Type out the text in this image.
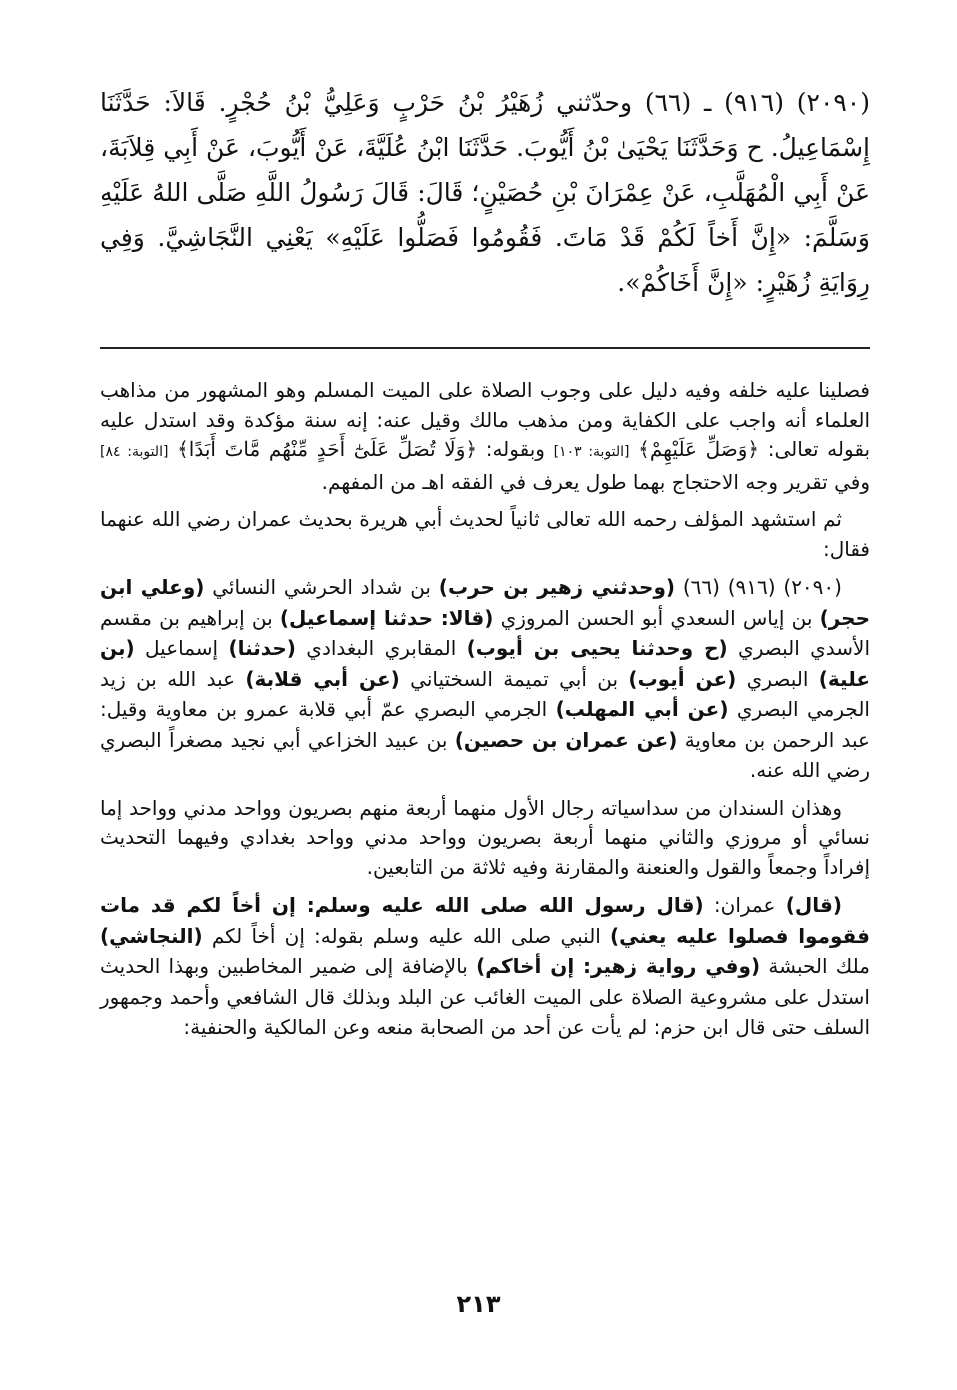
(٢٠٩٠) (٩١٦) ـ (٦٦) وحدّثني زُهَيْرُ بْنُ حَرْبٍ وَعَلِيُّ بْنُ حُجْرٍ. قَالاَ: حَدَّثَنَا إِسْمَاعِيلُ. ح وَحَدَّثَنَا يَحْيَىٰ بْنُ أَيُّوبَ. حَدَّثَنَا ابْنُ عُلَيَّةَ، عَنْ أَيُّوبَ، عَنْ أَبِي قِلاَبَةَ، عَنْ أَبِي الْمُهَلَّبِ، عَنْ عِمْرَانَ بْنِ حُصَيْنٍ؛ قَالَ: قَالَ رَسُولُ اللَّهِ صَلَّى اللهُ عَلَيْهِ وَسَلَّمَ: «إِنَّ أَخاً لَكُمْ قَدْ مَاتَ. فَقُومُوا فَصَلُّوا عَلَيْهِ» يَعْنِي النَّجَاشِيَّ. وَفِي رِوَايَةِ زُهَيْرٍ: «إِنَّ أَخَاكُمْ».

فصلينا عليه خلفه وفيه دليل على وجوب الصلاة على الميت المسلم وهو المشهور من مذاهب العلماء أنه واجب على الكفاية ومن مذهب مالك وقيل عنه: إنه سنة مؤكدة وقد استدل عليه بقوله تعالى: ﴿وَصَلِّ عَلَيْهِمْ﴾ [التوبة: ١٠٣] وبقوله: ﴿وَلَا تُصَلِّ عَلَىٰٓ أَحَدٍ مِّنْهُم مَّاتَ أَبَدًا﴾ [التوبة: ٨٤] وفي تقرير وجه الاحتجاج بهما طول يعرف في الفقه اهـ من المفهم.

ثم استشهد المؤلف رحمه الله تعالى ثانياً لحديث أبي هريرة بحديث عمران رضي الله عنهما فقال:

(٢٠٩٠) (٩١٦) (٦٦) (وحدثني زهير بن حرب) بن شداد الحرشي النسائي (وعلي ابن حجر) بن إياس السعدي أبو الحسن المروزي (قالا: حدثنا إسماعيل) بن إبراهيم بن مقسم الأسدي البصري (ح وحدثنا يحيى بن أيوب) المقابري البغدادي (حدثنا) إسماعيل (بن علية) البصري (عن أيوب) بن أبي تميمة السختياني (عن أبي قلابة) عبد الله بن زيد الجرمي البصري (عن أبي المهلب) الجرمي البصري عمّ أبي قلابة عمرو بن معاوية وقيل: عبد الرحمن بن معاوية (عن عمران بن حصين) بن عبيد الخزاعي أبي نجيد مصغراً البصري رضي الله عنه.

وهذان السندان من سداسياته رجال الأول منهما أربعة منهم بصريون وواحد مدني وواحد إما نسائي أو مروزي والثاني منهما أربعة بصريون وواحد مدني وواحد بغدادي وفيهما التحديث إفراداً وجمعاً والقول والعنعنة والمقارنة وفيه ثلاثة من التابعين.

(قال) عمران: (قال رسول الله صلى الله عليه وسلم: إن أخاً لكم قد مات فقوموا فصلوا عليه يعني) النبي صلى الله عليه وسلم بقوله: إن أخاً لكم (النجاشي) ملك الحبشة (وفي رواية زهير: إن أخاكم) بالإضافة إلى ضمير المخاطبين وبهذا الحديث استدل على مشروعية الصلاة على الميت الغائب عن البلد وبذلك قال الشافعي وأحمد وجمهور السلف حتى قال ابن حزم: لم يأت عن أحد من الصحابة منعه وعن المالكية والحنفية:

٢١٣
